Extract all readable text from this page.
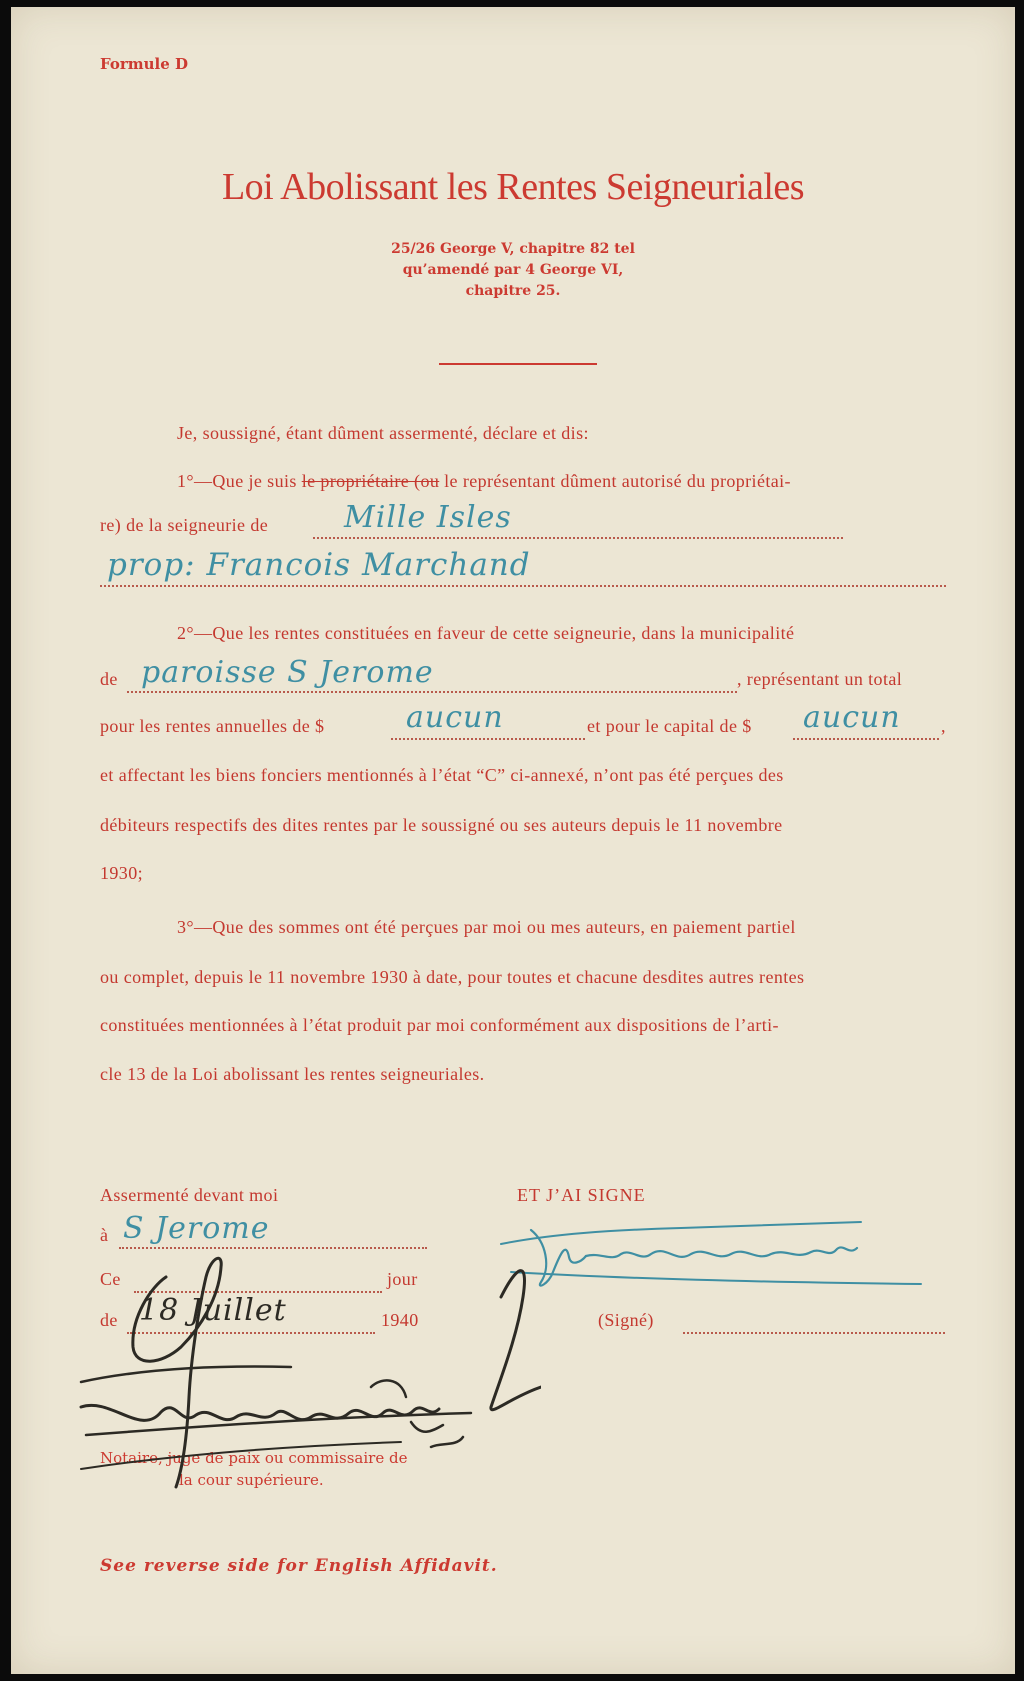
Formule D
Loi Abolissant les Rentes Seigneuriales
25/26 George V, chapitre 82 tel
qu’amendé par 4 George VI,
chapitre 25.
Je, soussigné, étant dûment assermenté, déclare et dis:
1°—Que je suis le propriétaire (ou le représentant dûment autorisé du propriétai-
re) de la seigneurie de	Mille Isles
prop: Francois Marchand
2°—Que les rentes constituées en faveur de cette seigneurie, dans la municipalité
de paroisse S Jerome	, représentant un total
pour les rentes annuelles de $	aucun	et pour le capital de $ aucun ,
et affectant les biens fonciers mentionnés à l’état “C” ci-annexé, n’ont pas été perçues des
débiteurs respectifs des dites rentes par le soussigné ou ses auteurs depuis le 11 novembre
1930;
3°—Que des sommes ont été perçues par moi ou mes auteurs, en paiement partiel
ou complet, depuis le 11 novembre 1930 à date, pour toutes et chacune desdites autres rentes
constituées mentionnées à l’état produit par moi conformément aux dispositions de l’arti-
cle 13 de la Loi abolissant les rentes seigneuriales.
Assermenté devant moi
à S Jerome
Ce	jour
de 18 Juillet	1940
Notaire, juge de paix ou commissaire de
la cour supérieure.
ET J’AI SIGNE
(Signé)
See reverse side for English Affidavit.
